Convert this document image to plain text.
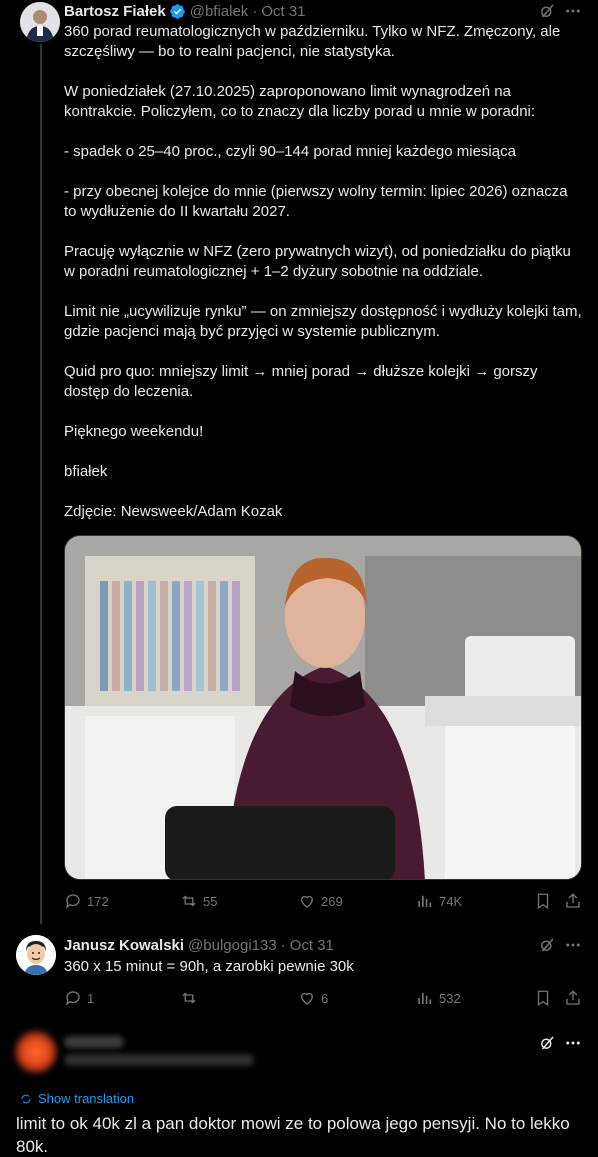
Bartosz Fiałek @bfialek · Oct 31

360 porad reumatologicznych w październiku. Tylko w NFZ. Zmęczony, ale szczęśliwy — bo to realni pacjenci, nie statystyka.

W poniedziałek (27.10.2025) zaproponowano limit wynagrodzeń na kontrakcie. Policzyłem, co to znaczy dla liczby porad u mnie w poradni:

- spadek o 25–40 proc., czyli 90–144 porad mniej każdego miesiąca

- przy obecnej kolejce do mnie (pierwszy wolny termin: lipiec 2026) oznacza to wydłużenie do II kwartału 2027.

Pracuję wyłącznie w NFZ (zero prywatnych wizyt), od poniedziałku do piątku w poradni reumatologicznej + 1–2 dyżury sobotnie na oddziale.

Limit nie „ucywilizuje rynku” — on zmniejszy dostępność i wydłuży kolejki tam, gdzie pacjenci mają być przyjęci w systemie publicznym.

Quid pro quo: mniejszy limit → mniej porad → dłuższe kolejki → gorszy dostęp do leczenia.

Pięknego weekendu!

bfiałek

Zdjęcie: Newsweek/Adam Kozak

172	55	269	74K
Janusz Kowalski @bulgogi133 · Oct 31
360 x 15 minut = 90h, a zarobki pewnie 30k
1	6	532
Show translation
limit to ok 40k zl a pan doktor mowi ze to polowa jego pensyji. No to lekko 80k.
